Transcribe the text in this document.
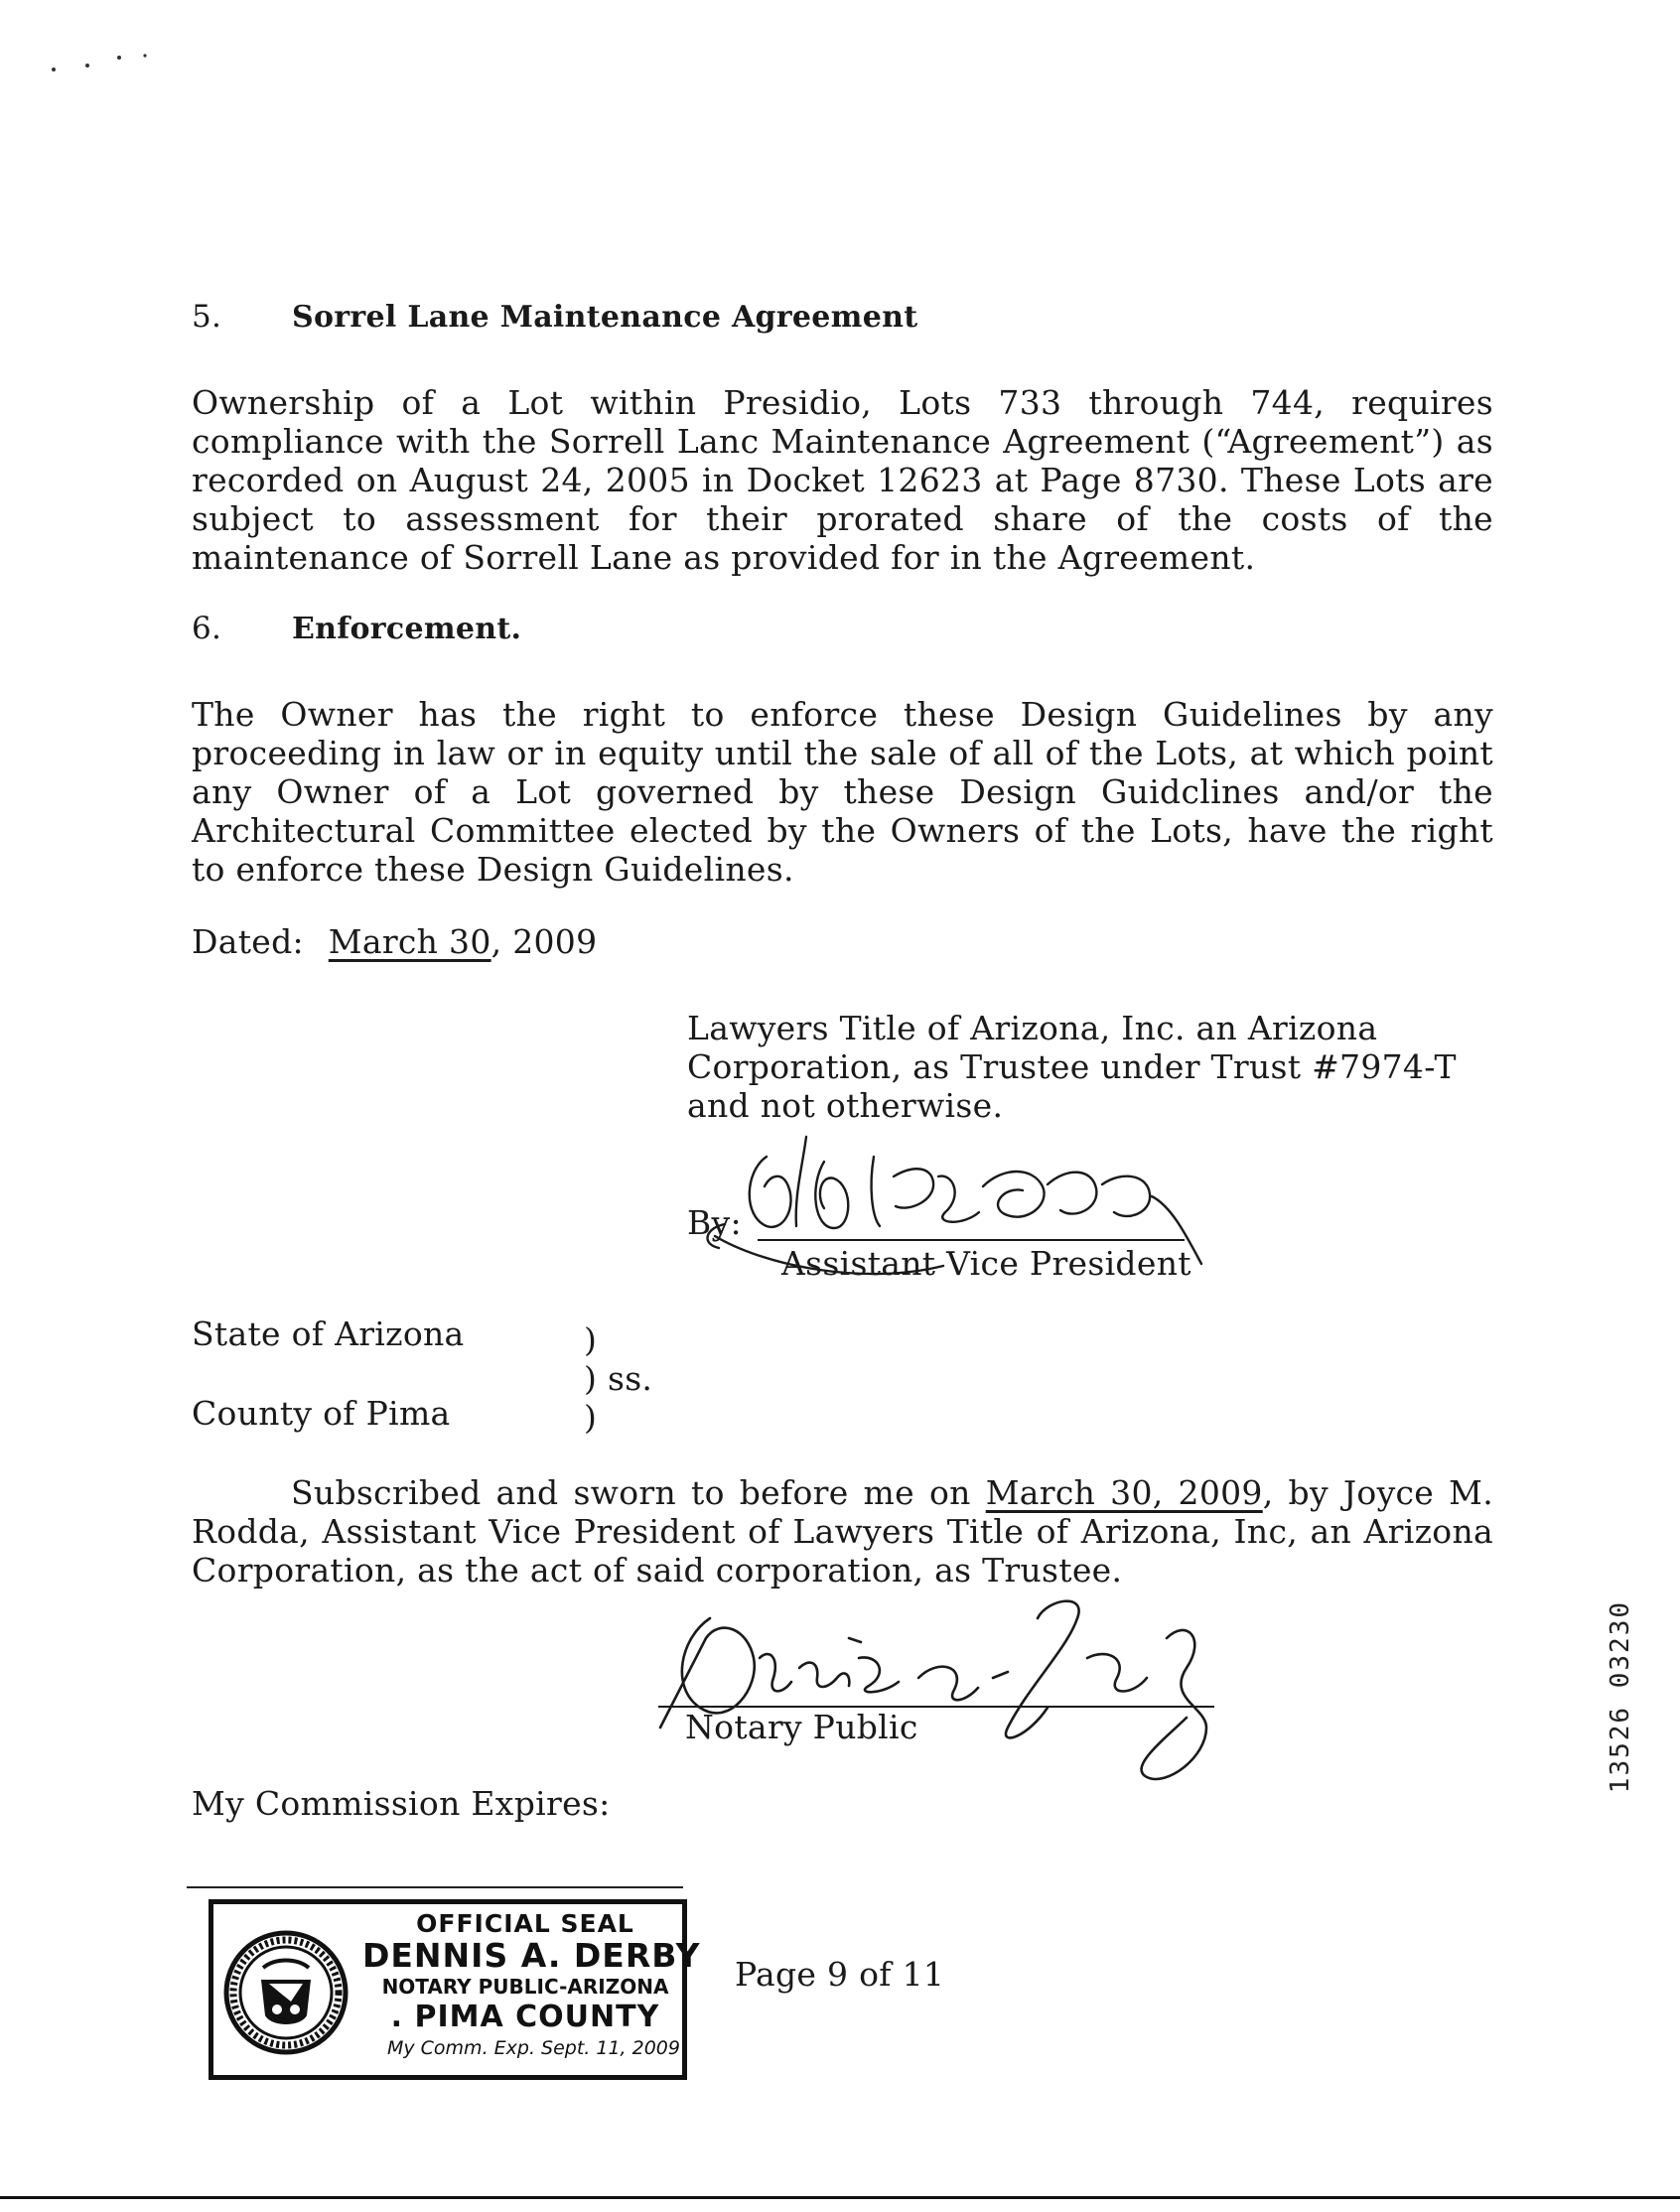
5. Sorrel Lane Maintenance Agreement
Ownership of a Lot within Presidio, Lots 733 through 744, requires compliance with the Sorrell Lanc Maintenance Agreement (“Agreement”) as recorded on August 24, 2005 in Docket 12623 at Page 8730. These Lots are subject to assessment for their prorated share of the costs of the maintenance of Sorrell Lane as provided for in the Agreement.
6. Enforcement.
The Owner has the right to enforce these Design Guidelines by any proceeding in law or in equity until the sale of all of the Lots, at which point any Owner of a Lot governed by these Design Guidclines and/or the Architectural Committee elected by the Owners of the Lots, have the right to enforce these Design Guidelines.
Dated: March 30, 2009
Lawyers Title of Arizona, Inc. an Arizona
Corporation, as Trustee under Trust #7974-T
and not otherwise.
By:
Assistant Vice President
State of Arizona
County of Pima
)
) ss.
)
Subscribed and sworn to before me on March 30, 2009, by Joyce M. Rodda, Assistant Vice President of Lawyers Title of Arizona, Inc, an Arizona Corporation, as the act of said corporation, as Trustee.
Notary Public
My Commission Expires:
OFFICIAL SEAL
DENNIS A. DERBY
NOTARY PUBLIC-ARIZONA
. PIMA COUNTY
My Comm. Exp. Sept. 11, 2009
Page 9 of 11
13526 03230
